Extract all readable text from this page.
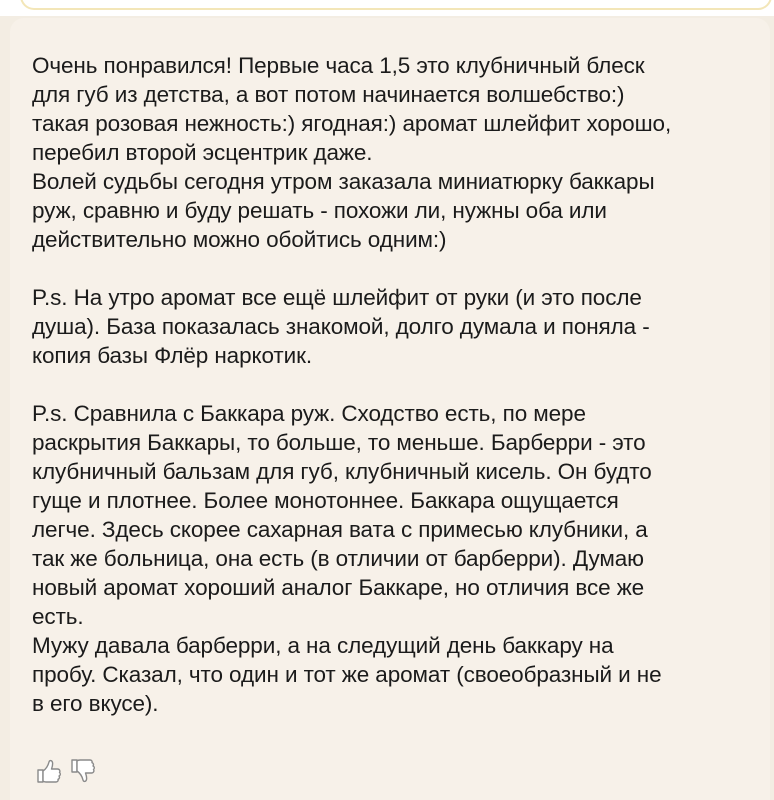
Очень понравился! Первые часа 1,5 это клубничный блеск
для губ из детства, а вот потом начинается волшебство:)
такая розовая нежность:) ягодная:) аромат шлейфит хорошо,
перебил второй эсцентрик даже.
Волей судьбы сегодня утром заказала миниатюрку баккары
руж, сравню и буду решать - похожи ли, нужны оба или
действительно можно обойтись одним:)

P.s. На утро аромат все ещё шлейфит от руки (и это после
душа). База показалась знакомой, долго думала и поняла -
копия базы Флёр наркотик.

P.s. Сравнила с Баккара руж. Сходство есть, по мере
раскрытия Баккары, то больше, то меньше. Барберри - это
клубничный бальзам для губ, клубничный кисель. Он будто
гуще и плотнее. Более монотоннее. Баккара ощущается
легче. Здесь скорее сахарная вата с примесью клубники, а
так же больница, она есть (в отличии от барберри). Думаю
новый аромат хороший аналог Баккаре, но отличия все же
есть.
Мужу давала барберри, а на следущий день баккару на
пробу. Сказал, что один и тот же аромат (своеобразный и не
в его вкусе).
